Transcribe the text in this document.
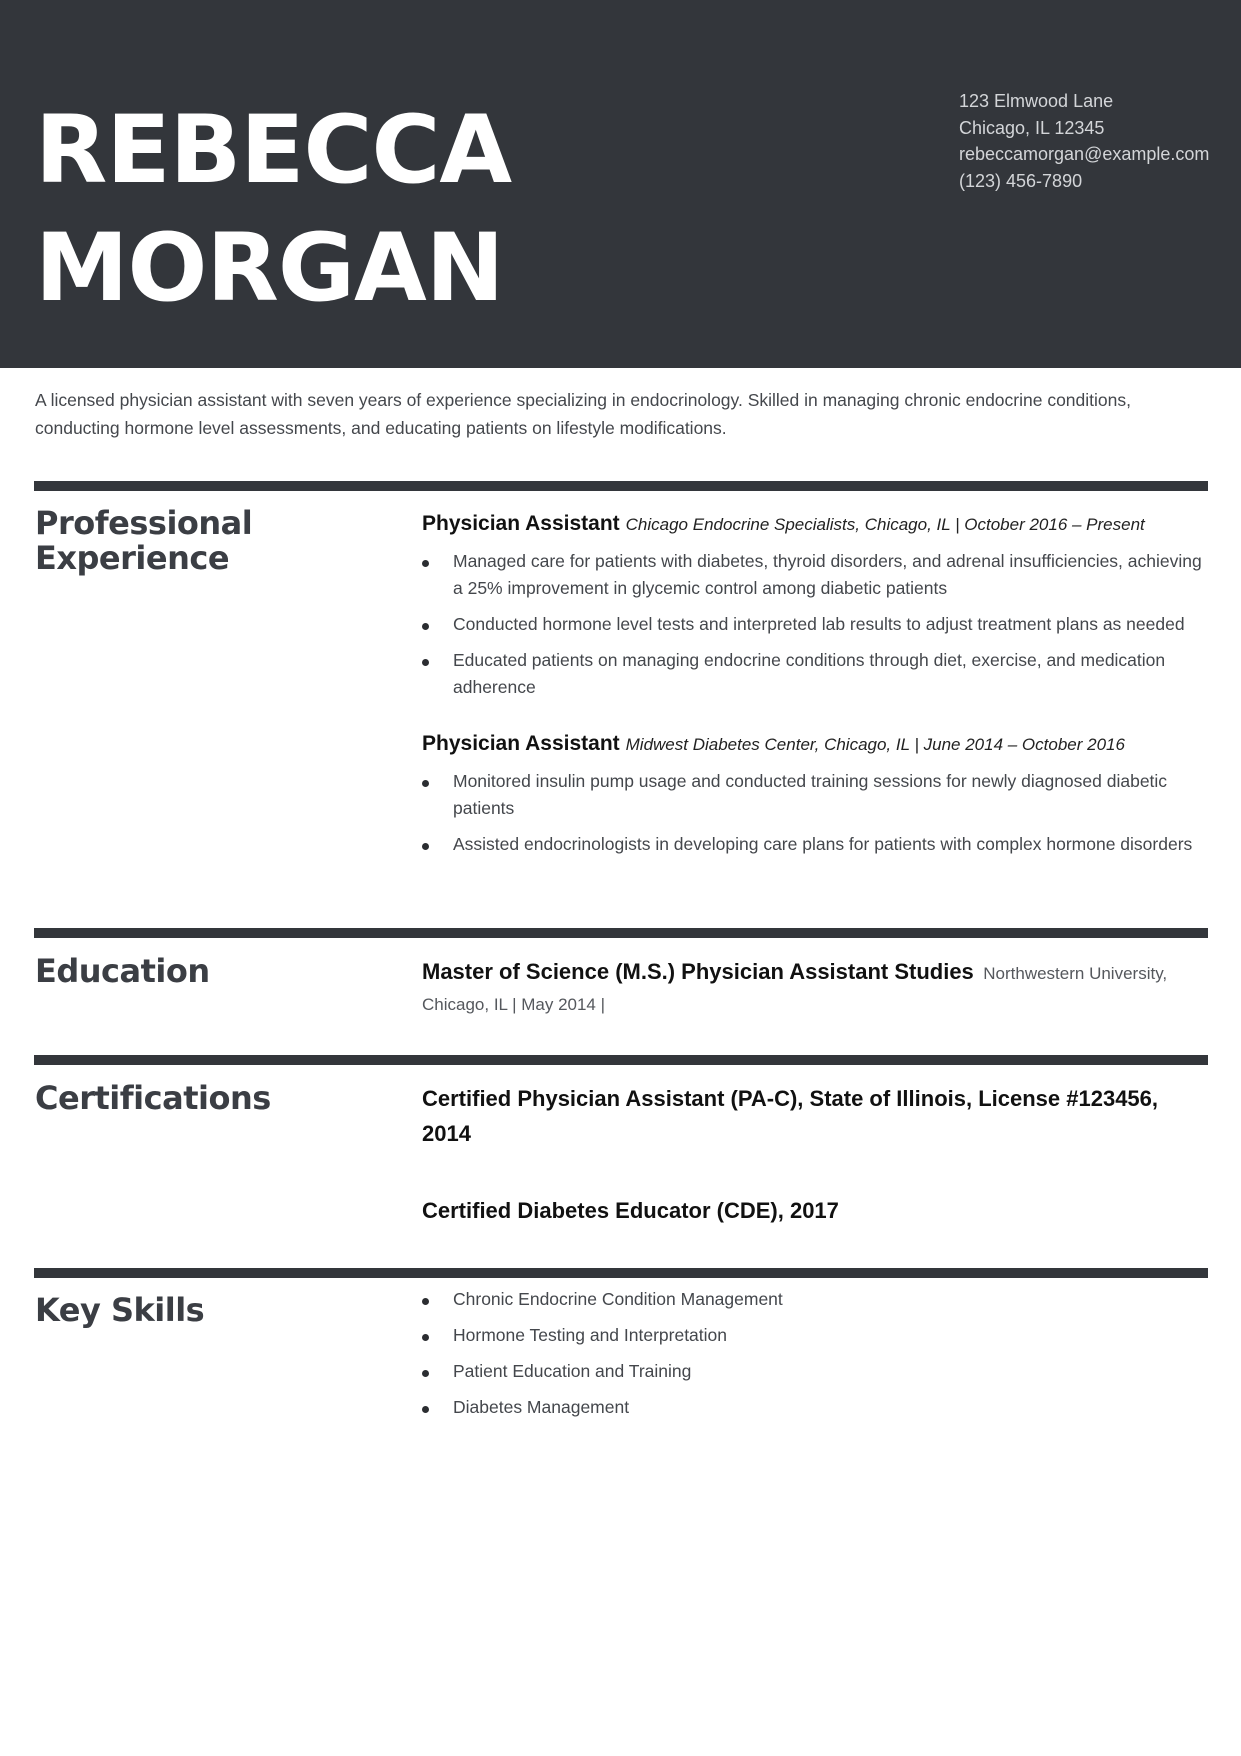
REBECCA
MORGAN
123 Elmwood Lane
Chicago, IL 12345
rebeccamorgan@example.com
(123) 456-7890

A licensed physician assistant with seven years of experience specializing in endocrinology. Skilled in managing chronic endocrine conditions, conducting hormone level assessments, and educating patients on lifestyle modifications.

Professional Experience
Physician Assistant Chicago Endocrine Specialists, Chicago, IL | October 2016 – Present
Managed care for patients with diabetes, thyroid disorders, and adrenal insufficiencies, achieving a 25% improvement in glycemic control among diabetic patients
Conducted hormone level tests and interpreted lab results to adjust treatment plans as needed
Educated patients on managing endocrine conditions through diet, exercise, and medication adherence
Physician Assistant Midwest Diabetes Center, Chicago, IL | June 2014 – October 2016
Monitored insulin pump usage and conducted training sessions for newly diagnosed diabetic patients
Assisted endocrinologists in developing care plans for patients with complex hormone disorders
Education	Master of Science (M.S.) Physician Assistant Studies Northwestern University, Chicago, IL | May 2014 |
Certifications	Certified Physician Assistant (PA-C), State of Illinois, License #123456, 2014

Certified Diabetes Educator (CDE), 2017

Key Skills	Chronic Endocrine Condition Management
Hormone Testing and Interpretation
Patient Education and Training
Diabetes Management
